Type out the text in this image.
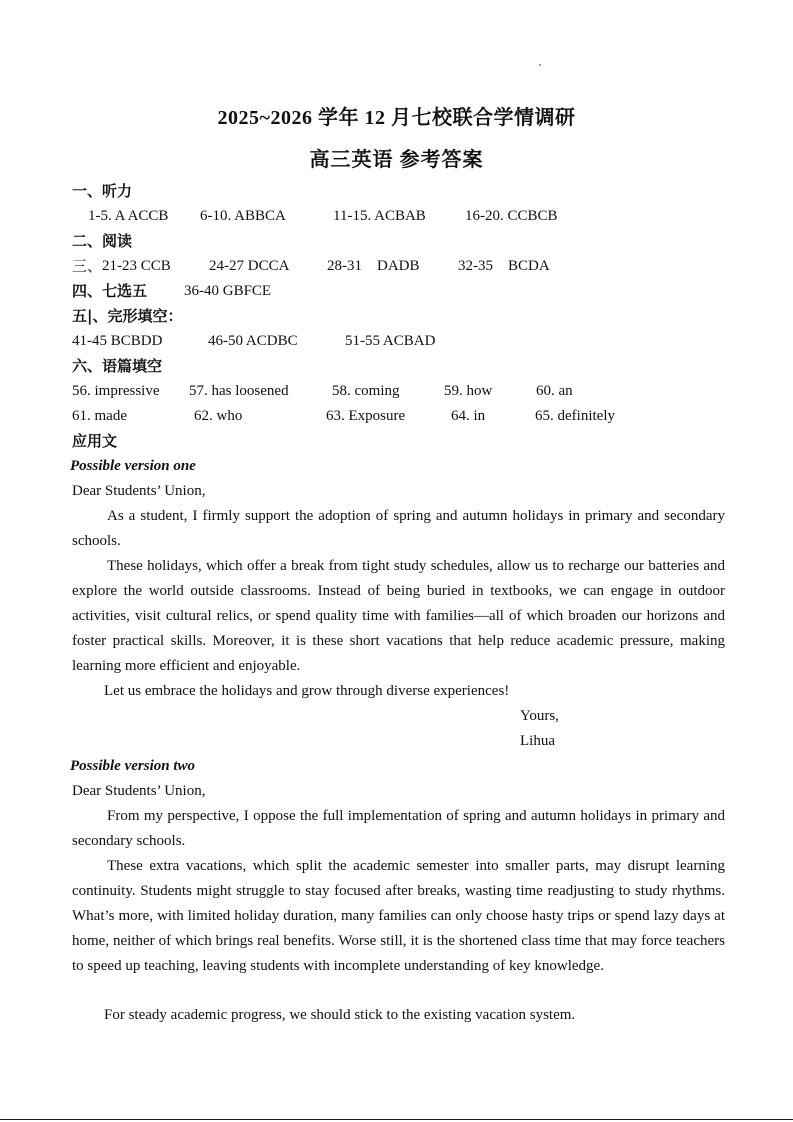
2025~2026 学年 12 月七校联合学情调研
高三英语 参考答案
一、听力
1-5. A ACCB 6-10. ABBCA	11-15. ACBAB	16-20. CCBCB
二、阅读
三、 21-23 CCB	24-27 DCCA	28-31    DADB	32-35    BCDA
四、七选五 36-40 GBFCE
五|、完形填空：
41-45 BCBDD	46-50 ACDBC	51-55 ACBAD
六、语篇填空
56. impressive 57. has loosened	58. coming	59. how	60. an
61. made	62. who	63. Exposure	64. in	65. definitely
应用文
Possible version one
Dear Students’ Union,
As a student, I firmly support the adoption of spring and autumn holidays in primary and secondary schools.
These holidays, which offer a break from tight study schedules, allow us to recharge our batteries and explore the world outside classrooms. Instead of being buried in textbooks, we can engage in outdoor activities, visit cultural relics, or spend quality time with families—all of which broaden our horizons and foster practical skills. Moreover, it is these short vacations that help reduce academic pressure, making learning more efficient and enjoyable.
Let us embrace the holidays and grow through diverse experiences!
Yours,
Lihua
Possible version two
Dear Students’ Union,
From my perspective, I oppose the full implementation of spring and autumn holidays in primary and secondary schools.
These extra vacations, which split the academic semester into smaller parts, may disrupt learning continuity. Students might struggle to stay focused after breaks, wasting time readjusting to study rhythms. What’s more, with limited holiday duration, many families can only choose hasty trips or spend lazy days at home, neither of which brings real benefits. Worse still, it is the shortened class time that may force teachers to speed up teaching, leaving students with incomplete understanding of key knowledge.
For steady academic progress, we should stick to the existing vacation system.
